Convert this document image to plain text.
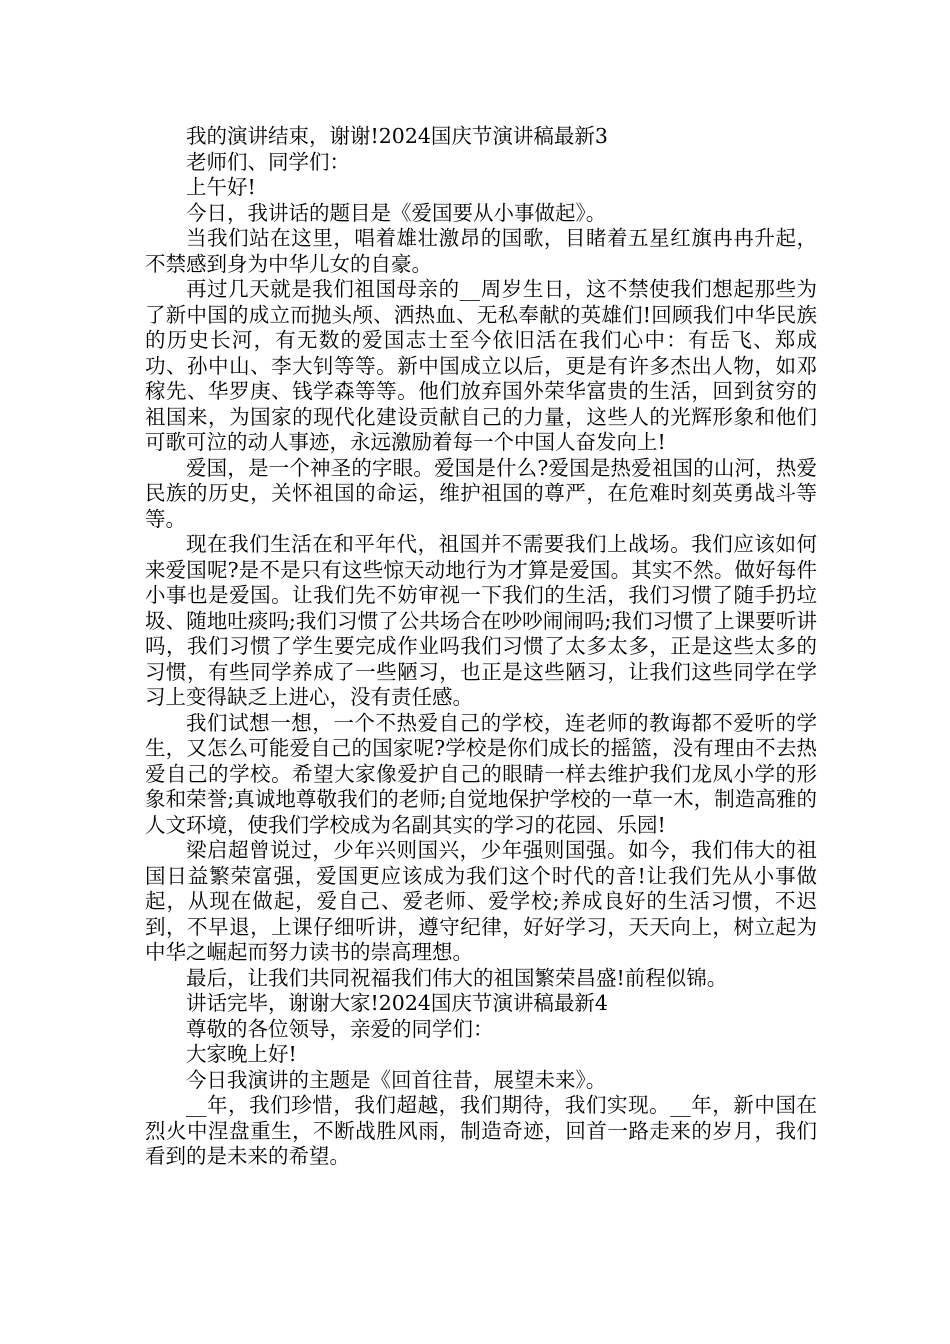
我的演讲结束，谢谢!2024国庆节演讲稿最新3

老师们、同学们：

上午好!

今日，我讲话的题目是《爱国要从小事做起》。

当我们站在这里，唱着雄壮激昂的国歌，目睹着五星红旗冉冉升起，不禁感到身为中华儿女的自豪。

再过几天就是我们祖国母亲的__周岁生日，这不禁使我们想起那些为了新中国的成立而抛头颅、洒热血、无私奉献的英雄们!回顾我们中华民族的历史长河，有无数的爱国志士至今依旧活在我们心中：有岳飞、郑成功、孙中山、李大钊等等。新中国成立以后，更是有许多杰出人物，如邓稼先、华罗庚、钱学森等等。他们放弃国外荣华富贵的生活，回到贫穷的祖国来，为国家的现代化建设贡献自己的力量，这些人的光辉形象和他们可歌可泣的动人事迹，永远激励着每一个中国人奋发向上!

爱国，是一个神圣的字眼。爱国是什么?爱国是热爱祖国的山河，热爱民族的历史，关怀祖国的命运，维护祖国的尊严，在危难时刻英勇战斗等等。

现在我们生活在和平年代，祖国并不需要我们上战场。我们应该如何来爱国呢?是不是只有这些惊天动地行为才算是爱国。其实不然。做好每件小事也是爱国。让我们先不妨审视一下我们的生活，我们习惯了随手扔垃圾、随地吐痰吗;我们习惯了公共场合在吵吵闹闹吗;我们习惯了上课要听讲吗，我们习惯了学生要完成作业吗我们习惯了太多太多，正是这些太多的习惯，有些同学养成了一些陋习，也正是这些陋习，让我们这些同学在学习上变得缺乏上进心，没有责任感。

我们试想一想，一个不热爱自己的学校，连老师的教诲都不爱听的学生，又怎么可能爱自己的国家呢?学校是你们成长的摇篮，没有理由不去热爱自己的学校。希望大家像爱护自己的眼睛一样去维护我们龙凤小学的形象和荣誉;真诚地尊敬我们的老师;自觉地保护学校的一草一木，制造高雅的人文环境，使我们学校成为名副其实的学习的花园、乐园!

梁启超曾说过，少年兴则国兴，少年强则国强。如今，我们伟大的祖国日益繁荣富强，爱国更应该成为我们这个时代的音!让我们先从小事做起，从现在做起，爱自己、爱老师、爱学校;养成良好的生活习惯，不迟到，不早退，上课仔细听讲，遵守纪律，好好学习，天天向上，树立起为中华之崛起而努力读书的崇高理想。

最后，让我们共同祝福我们伟大的祖国繁荣昌盛!前程似锦。

讲话完毕，谢谢大家!2024国庆节演讲稿最新4

尊敬的各位领导，亲爱的同学们：

大家晚上好!

今日我演讲的主题是《回首往昔，展望未来》。

__年，我们珍惜，我们超越，我们期待，我们实现。__年，新中国在烈火中涅盘重生，不断战胜风雨，制造奇迹，回首一路走来的岁月，我们看到的是未来的希望。
